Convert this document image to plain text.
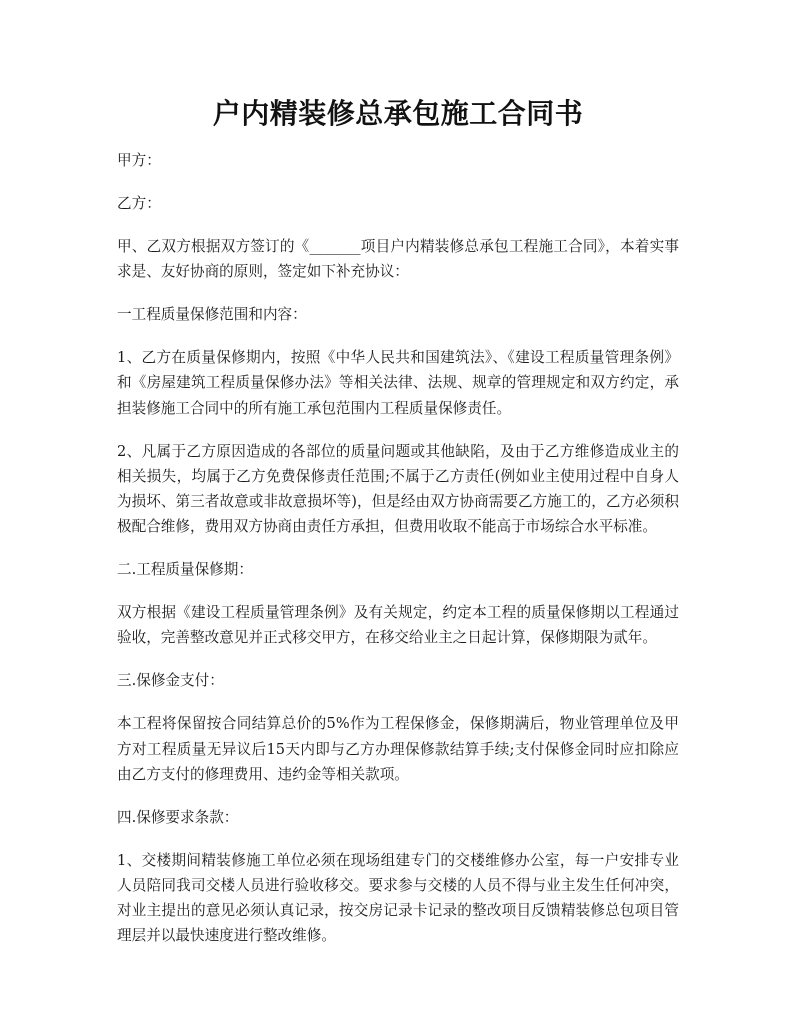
户内精装修总承包施工合同书

甲方：

乙方：

甲、乙双方根据双方签订的《_______项目户内精装修总承包工程施工合同》，本着实事求是、友好协商的原则，签定如下补充协议：

一工程质量保修范围和内容：

1、乙方在质量保修期内，按照《中华人民共和国建筑法》、《建设工程质量管理条例》和《房屋建筑工程质量保修办法》等相关法律、法规、规章的管理规定和双方约定，承担装修施工合同中的所有施工承包范围内工程质量保修责任。

2、凡属于乙方原因造成的各部位的质量问题或其他缺陷，及由于乙方维修造成业主的相关损失，均属于乙方免费保修责任范围;不属于乙方责任(例如业主使用过程中自身人为损坏、第三者故意或非故意损坏等)，但是经由双方协商需要乙方施工的，乙方必须积极配合维修，费用双方协商由责任方承担，但费用收取不能高于市场综合水平标准。

二.工程质量保修期：

双方根据《建设工程质量管理条例》及有关规定，约定本工程的质量保修期以工程通过验收，完善整改意见并正式移交甲方，在移交给业主之日起计算，保修期限为贰年。

三.保修金支付：

本工程将保留按合同结算总价的5%作为工程保修金，保修期满后，物业管理单位及甲方对工程质量无异议后15天内即与乙方办理保修款结算手续;支付保修金同时应扣除应由乙方支付的修理费用、违约金等相关款项。

四.保修要求条款：

1、交楼期间精装修施工单位必须在现场组建专门的交楼维修办公室，每一户安排专业人员陪同我司交楼人员进行验收移交。要求参与交楼的人员不得与业主发生任何冲突，对业主提出的意见必须认真记录，按交房记录卡记录的整改项目反馈精装修总包项目管理层并以最快速度进行整改维修。
